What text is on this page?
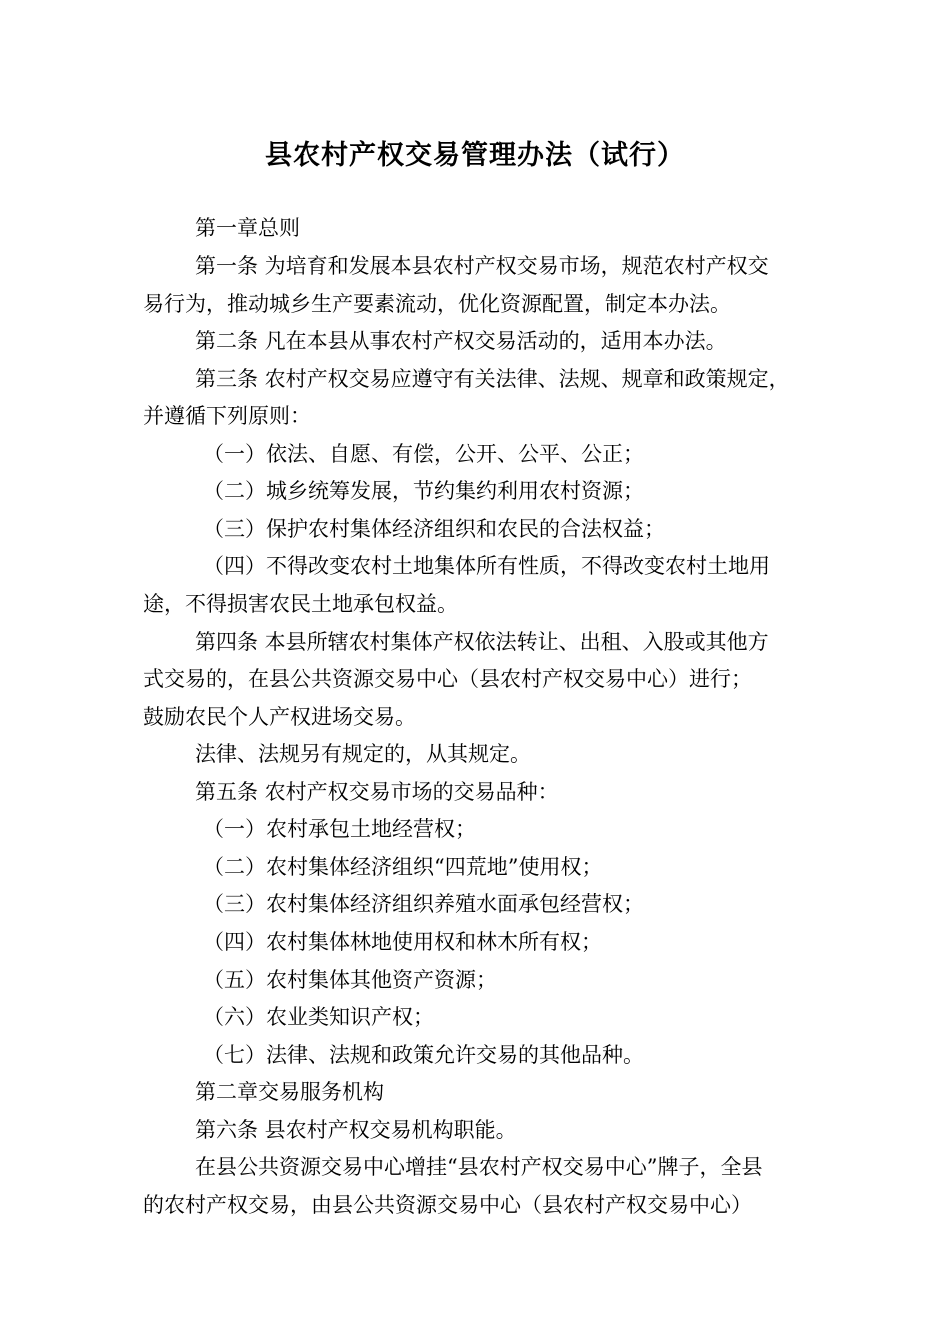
县农村产权交易管理办法（试行）
第一章总则
第一条 为培育和发展本县农村产权交易市场，规范农村产权交
易行为，推动城乡生产要素流动，优化资源配置，制定本办法。
第二条 凡在本县从事农村产权交易活动的，适用本办法。
第三条 农村产权交易应遵守有关法律、法规、规章和政策规定，
并遵循下列原则：
（一）依法、自愿、有偿，公开、公平、公正；
（二）城乡统筹发展，节约集约利用农村资源；
（三）保护农村集体经济组织和农民的合法权益；
（四）不得改变农村土地集体所有性质，不得改变农村土地用
途，不得损害农民土地承包权益。
第四条 本县所辖农村集体产权依法转让、出租、入股或其他方
式交易的，在县公共资源交易中心（县农村产权交易中心）进行；
鼓励农民个人产权进场交易。
法律、法规另有规定的，从其规定。
第五条 农村产权交易市场的交易品种：
（一）农村承包土地经营权；
（二）农村集体经济组织“四荒地”使用权；
（三）农村集体经济组织养殖水面承包经营权；
（四）农村集体林地使用权和林木所有权；
（五）农村集体其他资产资源；
（六）农业类知识产权；
（七）法律、法规和政策允许交易的其他品种。
第二章交易服务机构
第六条 县农村产权交易机构职能。
在县公共资源交易中心增挂“县农村产权交易中心”牌子，全县
的农村产权交易，由县公共资源交易中心（县农村产权交易中心）
